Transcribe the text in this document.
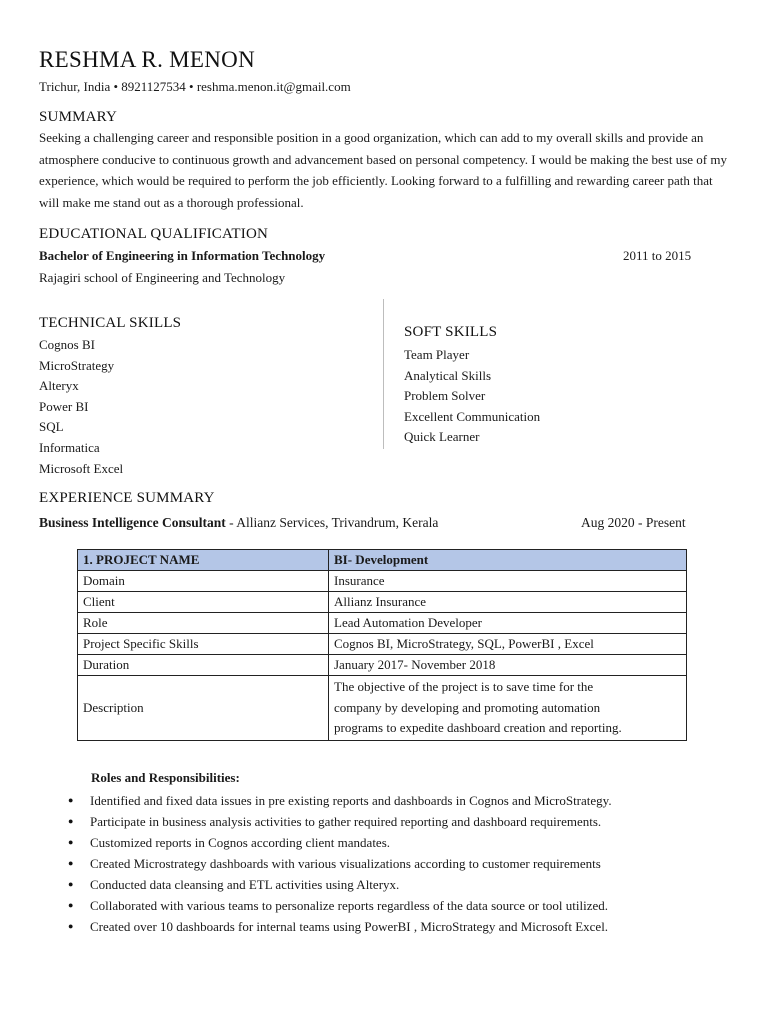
RESHMA R. MENON
Trichur, India • 8921127534 • reshma.menon.it@gmail.com
SUMMARY
Seeking a challenging career and responsible position in a good organization, which can add to my overall skills and provide an atmosphere conducive to continuous growth and advancement based on personal competency. I would be making the best use of my experience, which would be required to perform the job efficiently. Looking forward to a fulfilling and rewarding career path that will make me stand out as a thorough professional.
EDUCATIONAL QUALIFICATION
Bachelor of Engineering in Information Technology	2011 to 2015
Rajagiri school of Engineering and Technology
TECHNICAL SKILLS
Cognos BI
MicroStrategy
Alteryx
Power BI
SQL
Informatica
Microsoft Excel
SOFT SKILLS
Team Player
Analytical Skills
Problem Solver
Excellent Communication
Quick Learner
EXPERIENCE SUMMARY
Business Intelligence Consultant - Allianz Services, Trivandrum, Kerala	Aug 2020 - Present
1. PROJECT NAME	BI- Development
Domain	Insurance
Client	Allianz Insurance
Role	Lead Automation Developer
Project Specific Skills	Cognos BI, MicroStrategy, SQL, PowerBI , Excel
Duration	January 2017- November 2018
Description	The objective of the project is to save time for the
company by developing and promoting automation
programs to expedite dashboard creation and reporting.
Roles and Responsibilities:
● Identified and fixed data issues in pre existing reports and dashboards in Cognos and MicroStrategy.
● Participate in business analysis activities to gather required reporting and dashboard requirements.
● Customized reports in Cognos according client mandates.
● Created Microstrategy dashboards with various visualizations according to customer requirements
● Conducted data cleansing and ETL activities using Alteryx.
● Collaborated with various teams to personalize reports regardless of the data source or tool utilized.
● Created over 10 dashboards for internal teams using PowerBI , MicroStrategy and Microsoft Excel.
